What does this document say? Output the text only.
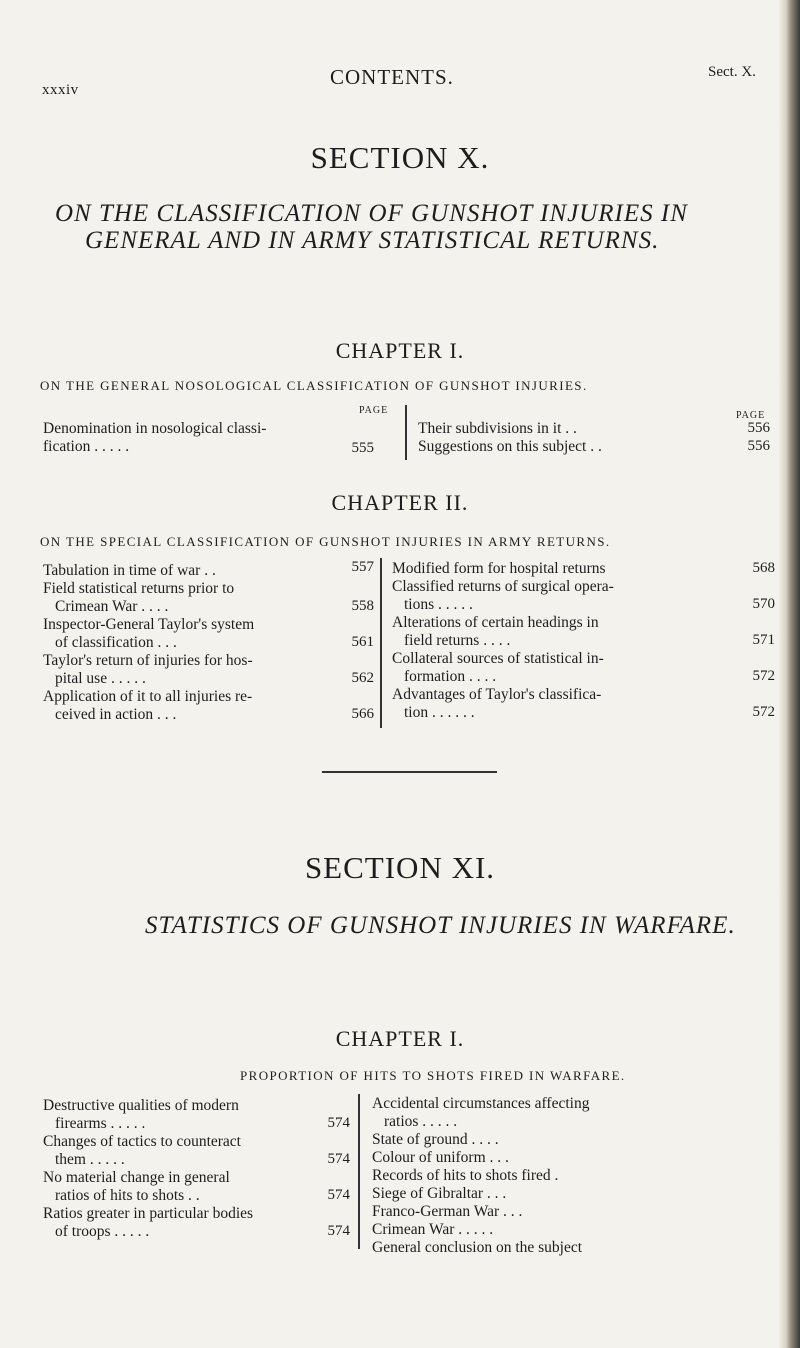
xxxiv
CONTENTS.	Sect. X.
SECTION X.
ON THE CLASSIFICATION OF GUNSHOT INJURIES IN
GENERAL AND IN ARMY STATISTICAL RETURNS.
CHAPTER I.
ON THE GENERAL NOSOLOGICAL CLASSIFICATION OF GUNSHOT INJURIES.
PAGE	PAGE
Denomination in nosological classi-
fication . . . . .	555
Their subdivisions in it . .	556
Suggestions on this subject . .	556
CHAPTER II.
ON THE SPECIAL CLASSIFICATION OF GUNSHOT INJURIES IN ARMY RETURNS.
Tabulation in time of war . .	557
Field statistical returns prior to
Crimean War . . . .	558
Inspector-General Taylor's system
of classification . . .	561
Taylor's return of injuries for hos-
pital use . . . . .	562
Application of it to all injuries re-
ceived in action . . .	566
Modified form for hospital returns	568
Classified returns of surgical opera-
tions . . . . .	570
Alterations of certain headings in
field returns . . . .	571
Collateral sources of statistical in-
formation . . . .	572
Advantages of Taylor's classifica-
tion . . . . . .	572
SECTION XI.
STATISTICS OF GUNSHOT INJURIES IN WARFARE.
CHAPTER I.
PROPORTION OF HITS TO SHOTS FIRED IN WARFARE.
Destructive qualities of modern
firearms . . . . .	574
Changes of tactics to counteract
them . . . . .	574
No material change in general
ratios of hits to shots . .	574
Ratios greater in particular bodies
of troops . . . . .	574
Accidental circumstances affecting
ratios . . . . .
State of ground . . . .
Colour of uniform . . .
Records of hits to shots fired .
Siege of Gibraltar . . .
Franco-German War . . .
Crimean War . . . . .
General conclusion on the subject
